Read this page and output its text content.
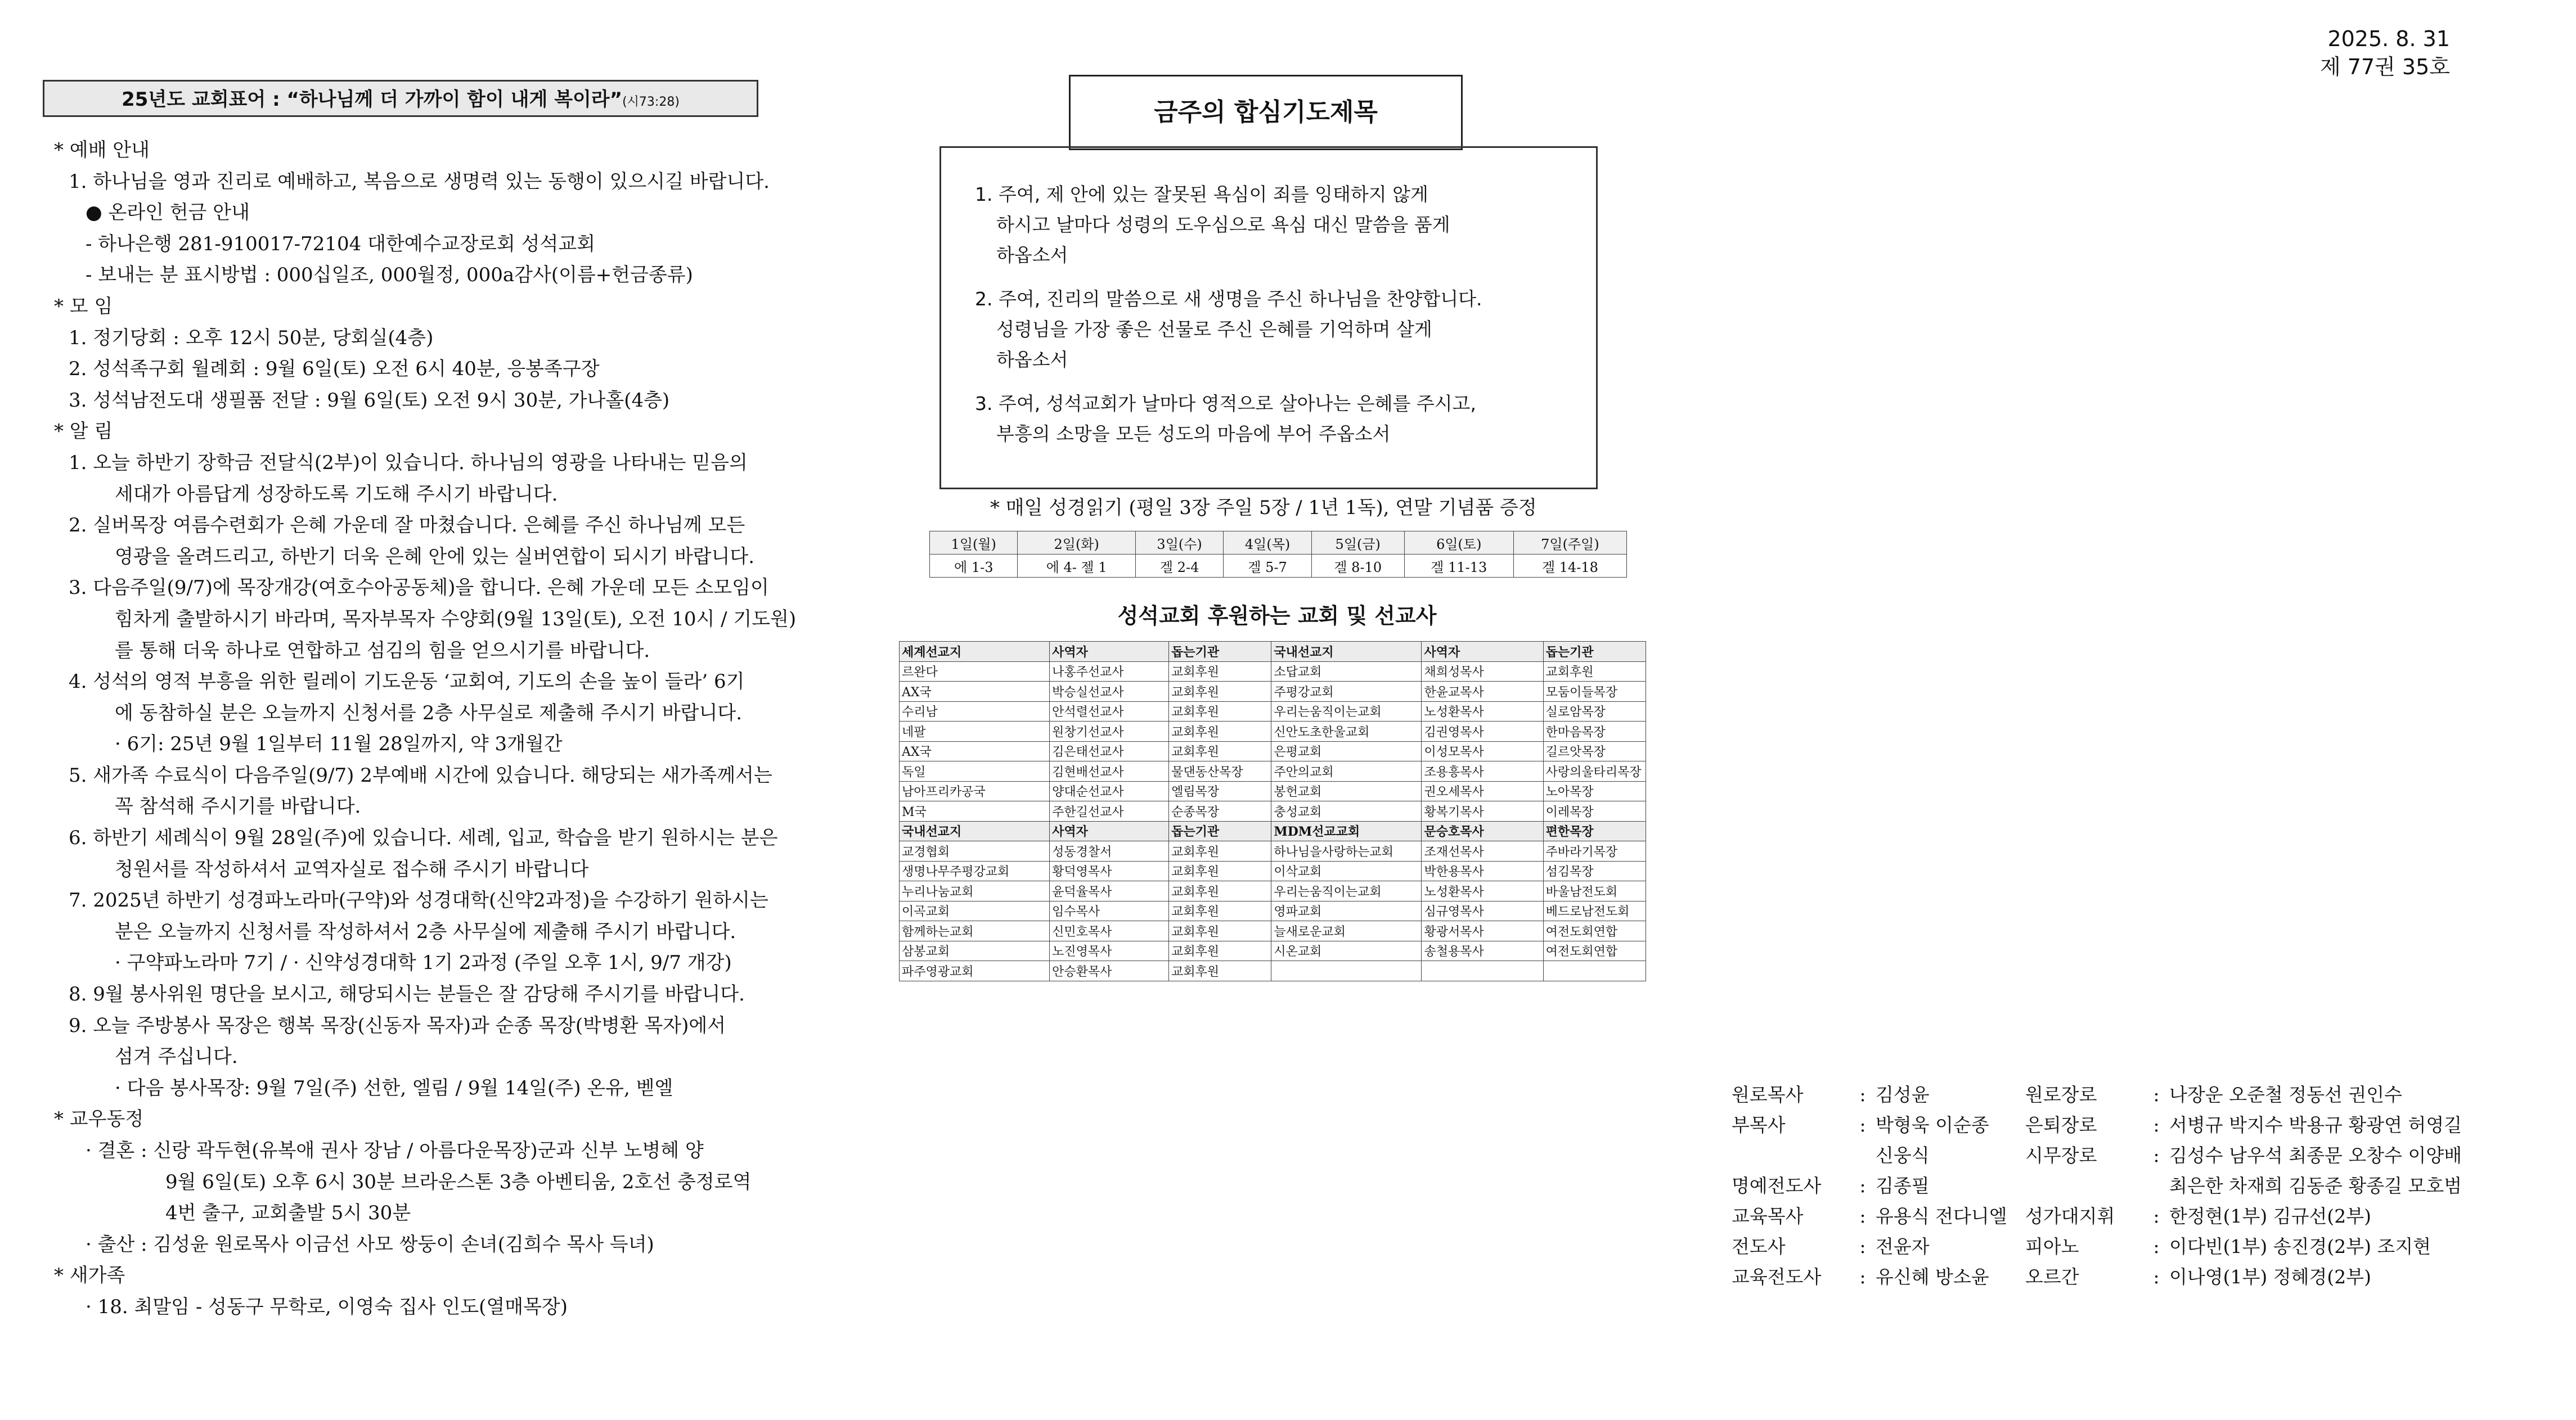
2025. 8. 31
제 77권 35호
25년도 교회표어 : “하나님께 더 가까이 함이 내게 복이라”(시73:28)
* 예배 안내
1. 하나님을 영과 진리로 예배하고, 복음으로 생명력 있는 동행이 있으시길 바랍니다.
● 온라인 헌금 안내
- 하나은행 281-910017-72104 대한예수교장로회 성석교회
- 보내는 분 표시방법 : 000십일조, 000월정, 000a감사(이름+헌금종류)
* 모 임
1. 정기당회 : 오후 12시 50분, 당회실(4층)
2. 성석족구회 월례회 : 9월 6일(토) 오전 6시 40분, 응봉족구장
3. 성석남전도대 생필품 전달 : 9월 6일(토) 오전 9시 30분, 가나홀(4층)
* 알 림
1. 오늘 하반기 장학금 전달식(2부)이 있습니다. 하나님의 영광을 나타내는 믿음의
세대가 아름답게 성장하도록 기도해 주시기 바랍니다.
2. 실버목장 여름수련회가 은혜 가운데 잘 마쳤습니다. 은혜를 주신 하나님께 모든
영광을 올려드리고, 하반기 더욱 은혜 안에 있는 실버연합이 되시기 바랍니다.
3. 다음주일(9/7)에 목장개강(여호수아공동체)을 합니다. 은혜 가운데 모든 소모임이
힘차게 출발하시기 바라며, 목자부목자 수양회(9월 13일(토), 오전 10시 / 기도원)
를 통해 더욱 하나로 연합하고 섬김의 힘을 얻으시기를 바랍니다.
4. 성석의 영적 부흥을 위한 릴레이 기도운동 ‘교회여, 기도의 손을 높이 들라’ 6기
에 동참하실 분은 오늘까지 신청서를 2층 사무실로 제출해 주시기 바랍니다.
· 6기: 25년 9월 1일부터 11월 28일까지, 약 3개월간
5. 새가족 수료식이 다음주일(9/7) 2부예배 시간에 있습니다. 해당되는 새가족께서는
꼭 참석해 주시기를 바랍니다.
6. 하반기 세례식이 9월 28일(주)에 있습니다. 세례, 입교, 학습을 받기 원하시는 분은
청원서를 작성하셔서 교역자실로 접수해 주시기 바랍니다
7. 2025년 하반기 성경파노라마(구약)와 성경대학(신약2과정)을 수강하기 원하시는
분은 오늘까지 신청서를 작성하셔서 2층 사무실에 제출해 주시기 바랍니다.
· 구약파노라마 7기 / · 신약성경대학 1기 2과정 (주일 오후 1시, 9/7 개강)
8. 9월 봉사위원 명단을 보시고, 해당되시는 분들은 잘 감당해 주시기를 바랍니다.
9. 오늘 주방봉사 목장은 행복 목장(신동자 목자)과 순종 목장(박병환 목자)에서
섬겨 주십니다.
· 다음 봉사목장: 9월 7일(주) 선한, 엘림 / 9월 14일(주) 온유, 벧엘
* 교우동정
· 결혼 : 신랑 곽두현(유복애 권사 장남 / 아름다운목장)군과 신부 노병혜 양
9월 6일(토) 오후 6시 30분 브라운스톤 3층 아벤티움, 2호선 충정로역
4번 출구, 교회출발 5시 30분
· 출산 : 김성윤 원로목사 이금선 사모 쌍둥이 손녀(김희수 목사 득녀)
* 새가족
· 18. 최말임 - 성동구 무학로, 이영숙 집사 인도(열매목장)
금주의 합심기도제목
1. 주여, 제 안에 있는 잘못된 욕심이 죄를 잉태하지 않게
하시고 날마다 성령의 도우심으로 욕심 대신 말씀을 품게
하옵소서
2. 주여, 진리의 말씀으로 새 생명을 주신 하나님을 찬양합니다.
성령님을 가장 좋은 선물로 주신 은혜를 기억하며 살게
하옵소서
3. 주여, 성석교회가 날마다 영적으로 살아나는 은혜를 주시고,
부흥의 소망을 모든 성도의 마음에 부어 주옵소서
* 매일 성경읽기 (평일 3장 주일 5장 / 1년 1독), 연말 기념품 증정
1일(월)	2일(화)	3일(수)	4일(목)	5일(금)	6일(토)	7일(주일)
에 1-3	에 4- 젤 1	겔 2-4	겔 5-7	겔 8-10	겔 11-13	겔 14-18
성석교회 후원하는 교회 및 선교사
세계선교지	사역자	돕는기관	국내선교지	사역자	돕는기관
르완다	나홍주선교사	교회후원	소답교회	채희성목사	교회후원
AX국	박승실선교사	교회후원	주평강교회	한윤교목사	모둠이들목장
수리남	안석렬선교사	교회후원	우리는움직이는교회	노성환목사	실로암목장
네팔	원창기선교사	교회후원	신안도초한울교회	김권영목사	한마음목장
AX국	김은태선교사	교회후원	은평교회	이성모목사	길르앗목장
독일	김현배선교사	물댄동산목장	주안의교회	조용흥목사	사랑의울타리목장
남아프리카공국	양대순선교사	엘림목장	봉헌교회	권오세목사	노아목장
M국	주한길선교사	순종목장	충성교회	황복기목사	이레목장
국내선교지	사역자	돕는기관	MDM선교교회	문승호목사	편한목장
교경협회	성동경찰서	교회후원	하나님을사랑하는교회	조재선목사	주바라기목장
생명나무주평강교회	황덕영목사	교회후원	이삭교회	박한용목사	섬김목장
누리나눔교회	윤덕율목사	교회후원	우리는움직이는교회	노성환목사	바울남전도회
이곡교회	임수목사	교회후원	영파교회	심규영목사	베드로남전도회
함께하는교회	신민호목사	교회후원	늘새로운교회	황광서목사	여전도회연합
삼봉교회	노진영목사	교회후원	시온교회	송철용목사	여전도회연합
파주영광교회	안승환목사	교회후원			
원로목사	: 김성윤
부목사	: 박형욱 이순종
신웅식
명예전도사	: 김종필
교육목사	: 유용식 전다니엘
전도사	: 전윤자
교육전도사	: 유신혜 방소윤
원로장로	: 나장운 오준철 정동선 권인수
은퇴장로	: 서병규 박지수 박용규 황광연 허영길
시무장로	: 김성수 남우석 최종문 오창수 이양배
최은한 차재희 김동준 황종길 모호범
성가대지휘	: 한정현(1부) 김규선(2부)
피아노	: 이다빈(1부) 송진경(2부) 조지현
오르간	: 이나영(1부) 정혜경(2부)
